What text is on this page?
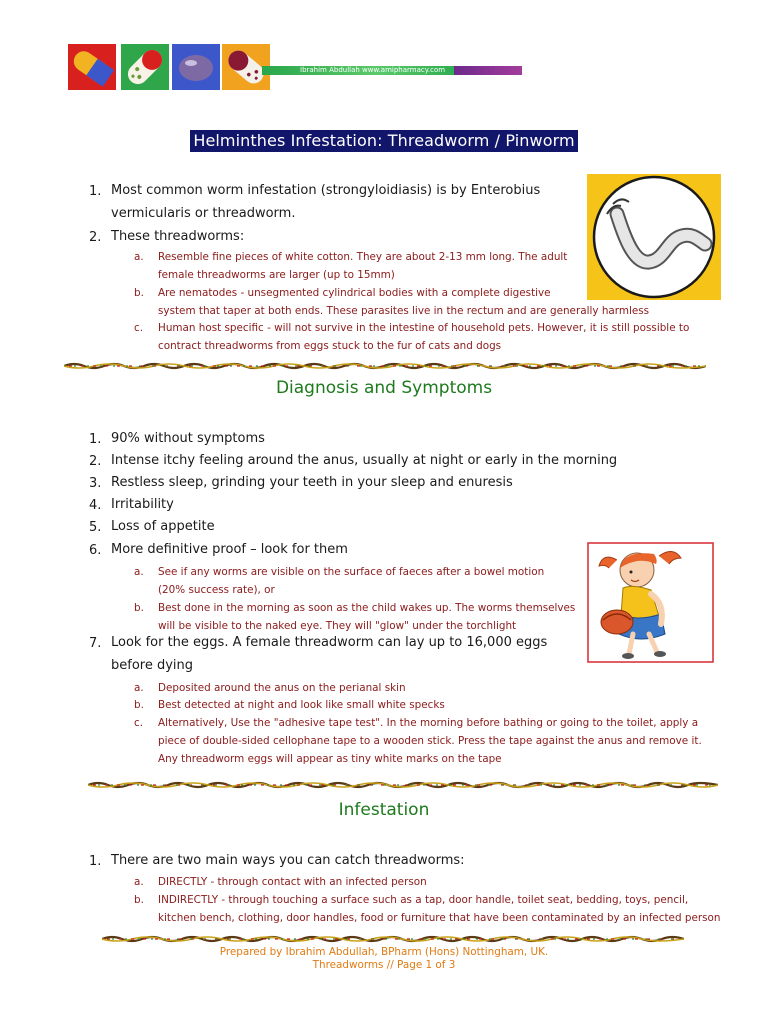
Ibrahim Abdullah www.amipharmacy.com
Helminthes Infestation: Threadworm / Pinworm
1. Most common worm infestation (strongyloidiasis) is by Enterobius
vermicularis or threadworm.
2. These threadworms:
a. Resemble fine pieces of white cotton. They are about 2-13 mm long. The adult
female threadworms are larger (up to 15mm)
b. Are nematodes - unsegmented cylindrical bodies with a complete digestive
system that taper at both ends. These parasites live in the rectum and are generally harmless
c. Human host specific - will not survive in the intestine of household pets. However, it is still possible to
contract threadworms from eggs stuck to the fur of cats and dogs
Diagnosis and Symptoms
1. 90% without symptoms
2. Intense itchy feeling around the anus, usually at night or early in the morning
3. Restless sleep, grinding your teeth in your sleep and enuresis
4. Irritability
5. Loss of appetite
6. More definitive proof – look for them
a. See if any worms are visible on the surface of faeces after a bowel motion
(20% success rate), or
b. Best done in the morning as soon as the child wakes up. The worms themselves
will be visible to the naked eye. They will "glow" under the torchlight
7. Look for the eggs. A female threadworm can lay up to 16,000 eggs
before dying
a. Deposited around the anus on the perianal skin
b. Best detected at night and look like small white specks
c. Alternatively, Use the "adhesive tape test". In the morning before bathing or going to the toilet, apply a
piece of double-sided cellophane tape to a wooden stick. Press the tape against the anus and remove it.
Any threadworm eggs will appear as tiny white marks on the tape
Infestation
1. There are two main ways you can catch threadworms:
a. DIRECTLY - through contact with an infected person
b. INDIRECTLY - through touching a surface such as a tap, door handle, toilet seat, bedding, toys, pencil,
kitchen bench, clothing, door handles, food or furniture that have been contaminated by an infected person
Prepared by Ibrahim Abdullah, BPharm (Hons) Nottingham, UK.
Threadworms // Page 1 of 3
